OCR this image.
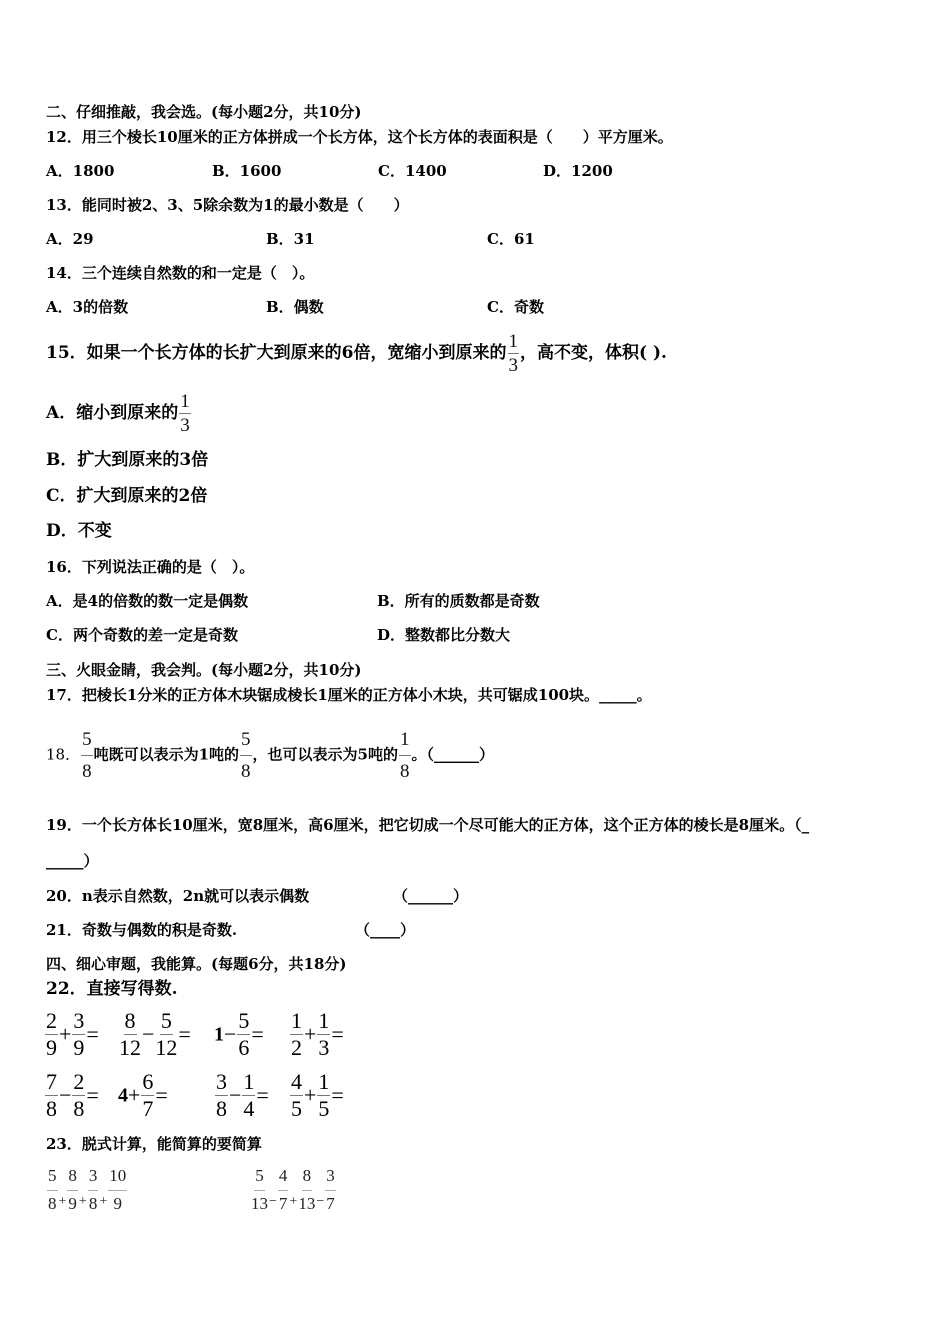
二、仔细推敲，我会选。(每小题2分，共10分)
12．用三个棱长10厘米的正方体拼成一个长方体，这个长方体的表面积是（　　）平方厘米。
A．1800	B．1600	C．1400	D．1200
13．能同时被2、3、5除余数为1的最小数是（　　）
A．29	B．31	C．61
14．三个连续自然数的和一定是（　）。
A．3的倍数	B．偶数	C．奇数
15．如果一个长方体的长扩大到原来的6倍，宽缩小到原来的 $\frac{1}{3}$ ，高不变，体积( ).
A．缩小到原来的 $\frac{1}{3}$
B．扩大到原来的3倍
C．扩大到原来的2倍
D．不变
16．下列说法正确的是（　）。
A．是4的倍数的数一定是偶数	B．所有的质数都是奇数
C．两个奇数的差一定是奇数	D．整数都比分数大
三、火眼金睛，我会判。(每小题2分，共10分)
17．把棱长1分米的正方体木块锯成棱长1厘米的正方体小木块，共可锯成100块。_____。
18． $\frac{5}{8}$ 吨既可以表示为1吨的 $\frac{5}{8}$ ，也可以表示为5吨的 $\frac{1}{8}$ 。（______）
19．一个长方体长10厘米，宽8厘米，高6厘米，把它切成一个尽可能大的正方体，这个正方体的棱长是8厘米。（_
_____）
20．n表示自然数，2n就可以表示偶数	（______）
21．奇数与偶数的积是奇数.	（____）
四、细心审题，我能算。(每题6分，共18分)
22．直接写得数.
$\frac{2}{9} + \frac{3}{9} = \frac{8}{12} - \frac{5}{12} = 1- \frac{5}{6} = \frac{1}{2} + \frac{1}{3}$ =
$\frac{7}{8} - \frac{2}{8} = 4+ \frac{6}{7} = \frac{3}{8} - \frac{1}{4} = \frac{4}{5} + \frac{1}{5}$ =
23．脱式计算，能简算的要简算
$\frac{5}{8} _+ \frac{8}{9} _+ \frac{3}{8} _+ \frac{10}{9}$	$\frac{5}{13} _- \frac{4}{7} _+ \frac{8}{13} _- \frac{3}{7}$
